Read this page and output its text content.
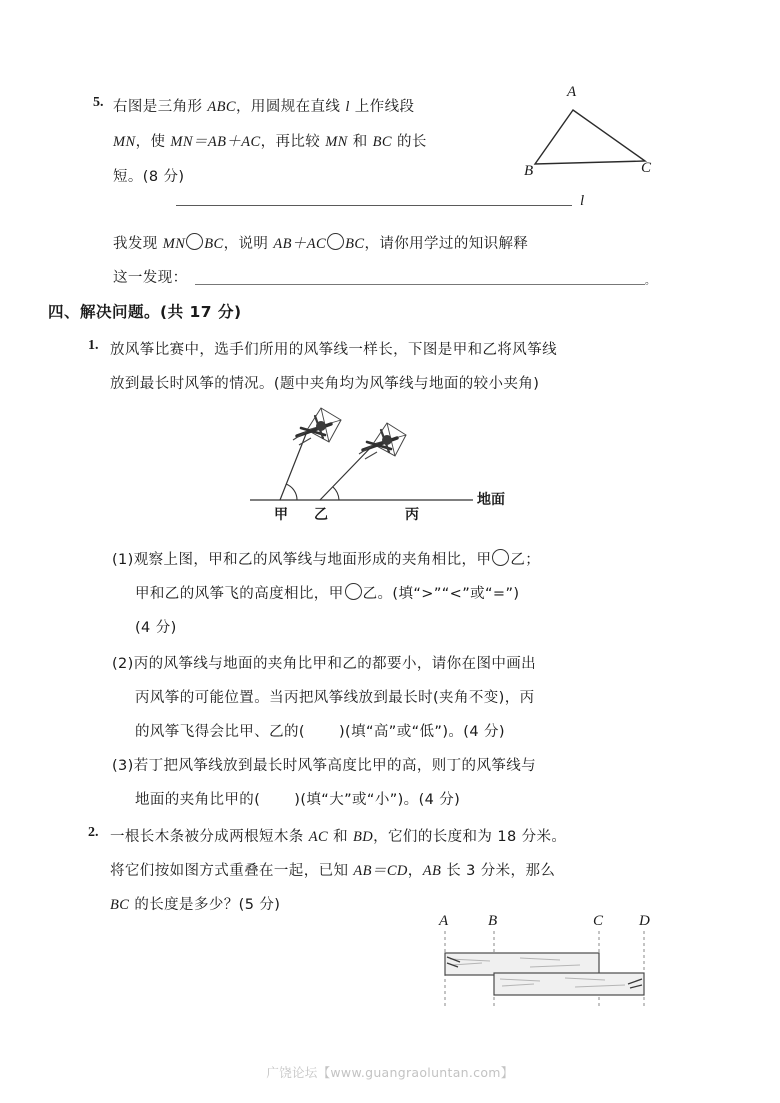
5. 右图是三角形 ABC，用圆规在直线 l 上作线段
MN，使 MN＝AB＋AC，再比较 MN 和 BC 的长
短。(8 分)
A
B	C
l
我发现 MN BC，说明 AB＋AC BC，请你用学过的知识解释
这一发现：	。
四、解决问题。(共 17 分)
1. 放风筝比赛中，选手们所用的风筝线一样长，下图是甲和乙将风筝线
放到最长时风筝的情况。(题中夹角均为风筝线与地面的较小夹角)
地面
甲 乙	丙
(1)观察上图，甲和乙的风筝线与地面形成的夹角相比，甲 乙；
甲和乙的风筝飞的高度相比，甲 乙。(填“>”“<”或“=”)
(4 分)
(2)丙的风筝线与地面的夹角比甲和乙的都要小，请你在图中画出
丙风筝的可能位置。当丙把风筝线放到最长时(夹角不变)，丙
的风筝飞得会比甲、乙的( )(填“高”或“低”)。(4 分)
(3)若丁把风筝线放到最长时风筝高度比甲的高，则丁的风筝线与
地面的夹角比甲的( )(填“大”或“小”)。(4 分)
2. 一根长木条被分成两根短木条 AC 和 BD，它们的长度和为 18 分米。
将它们按如图方式重叠在一起，已知 AB＝CD，AB 长 3 分米，那么
BC 的长度是多少？(5 分)
A	B	C D
广饶论坛【www.guangraoluntan.com】
